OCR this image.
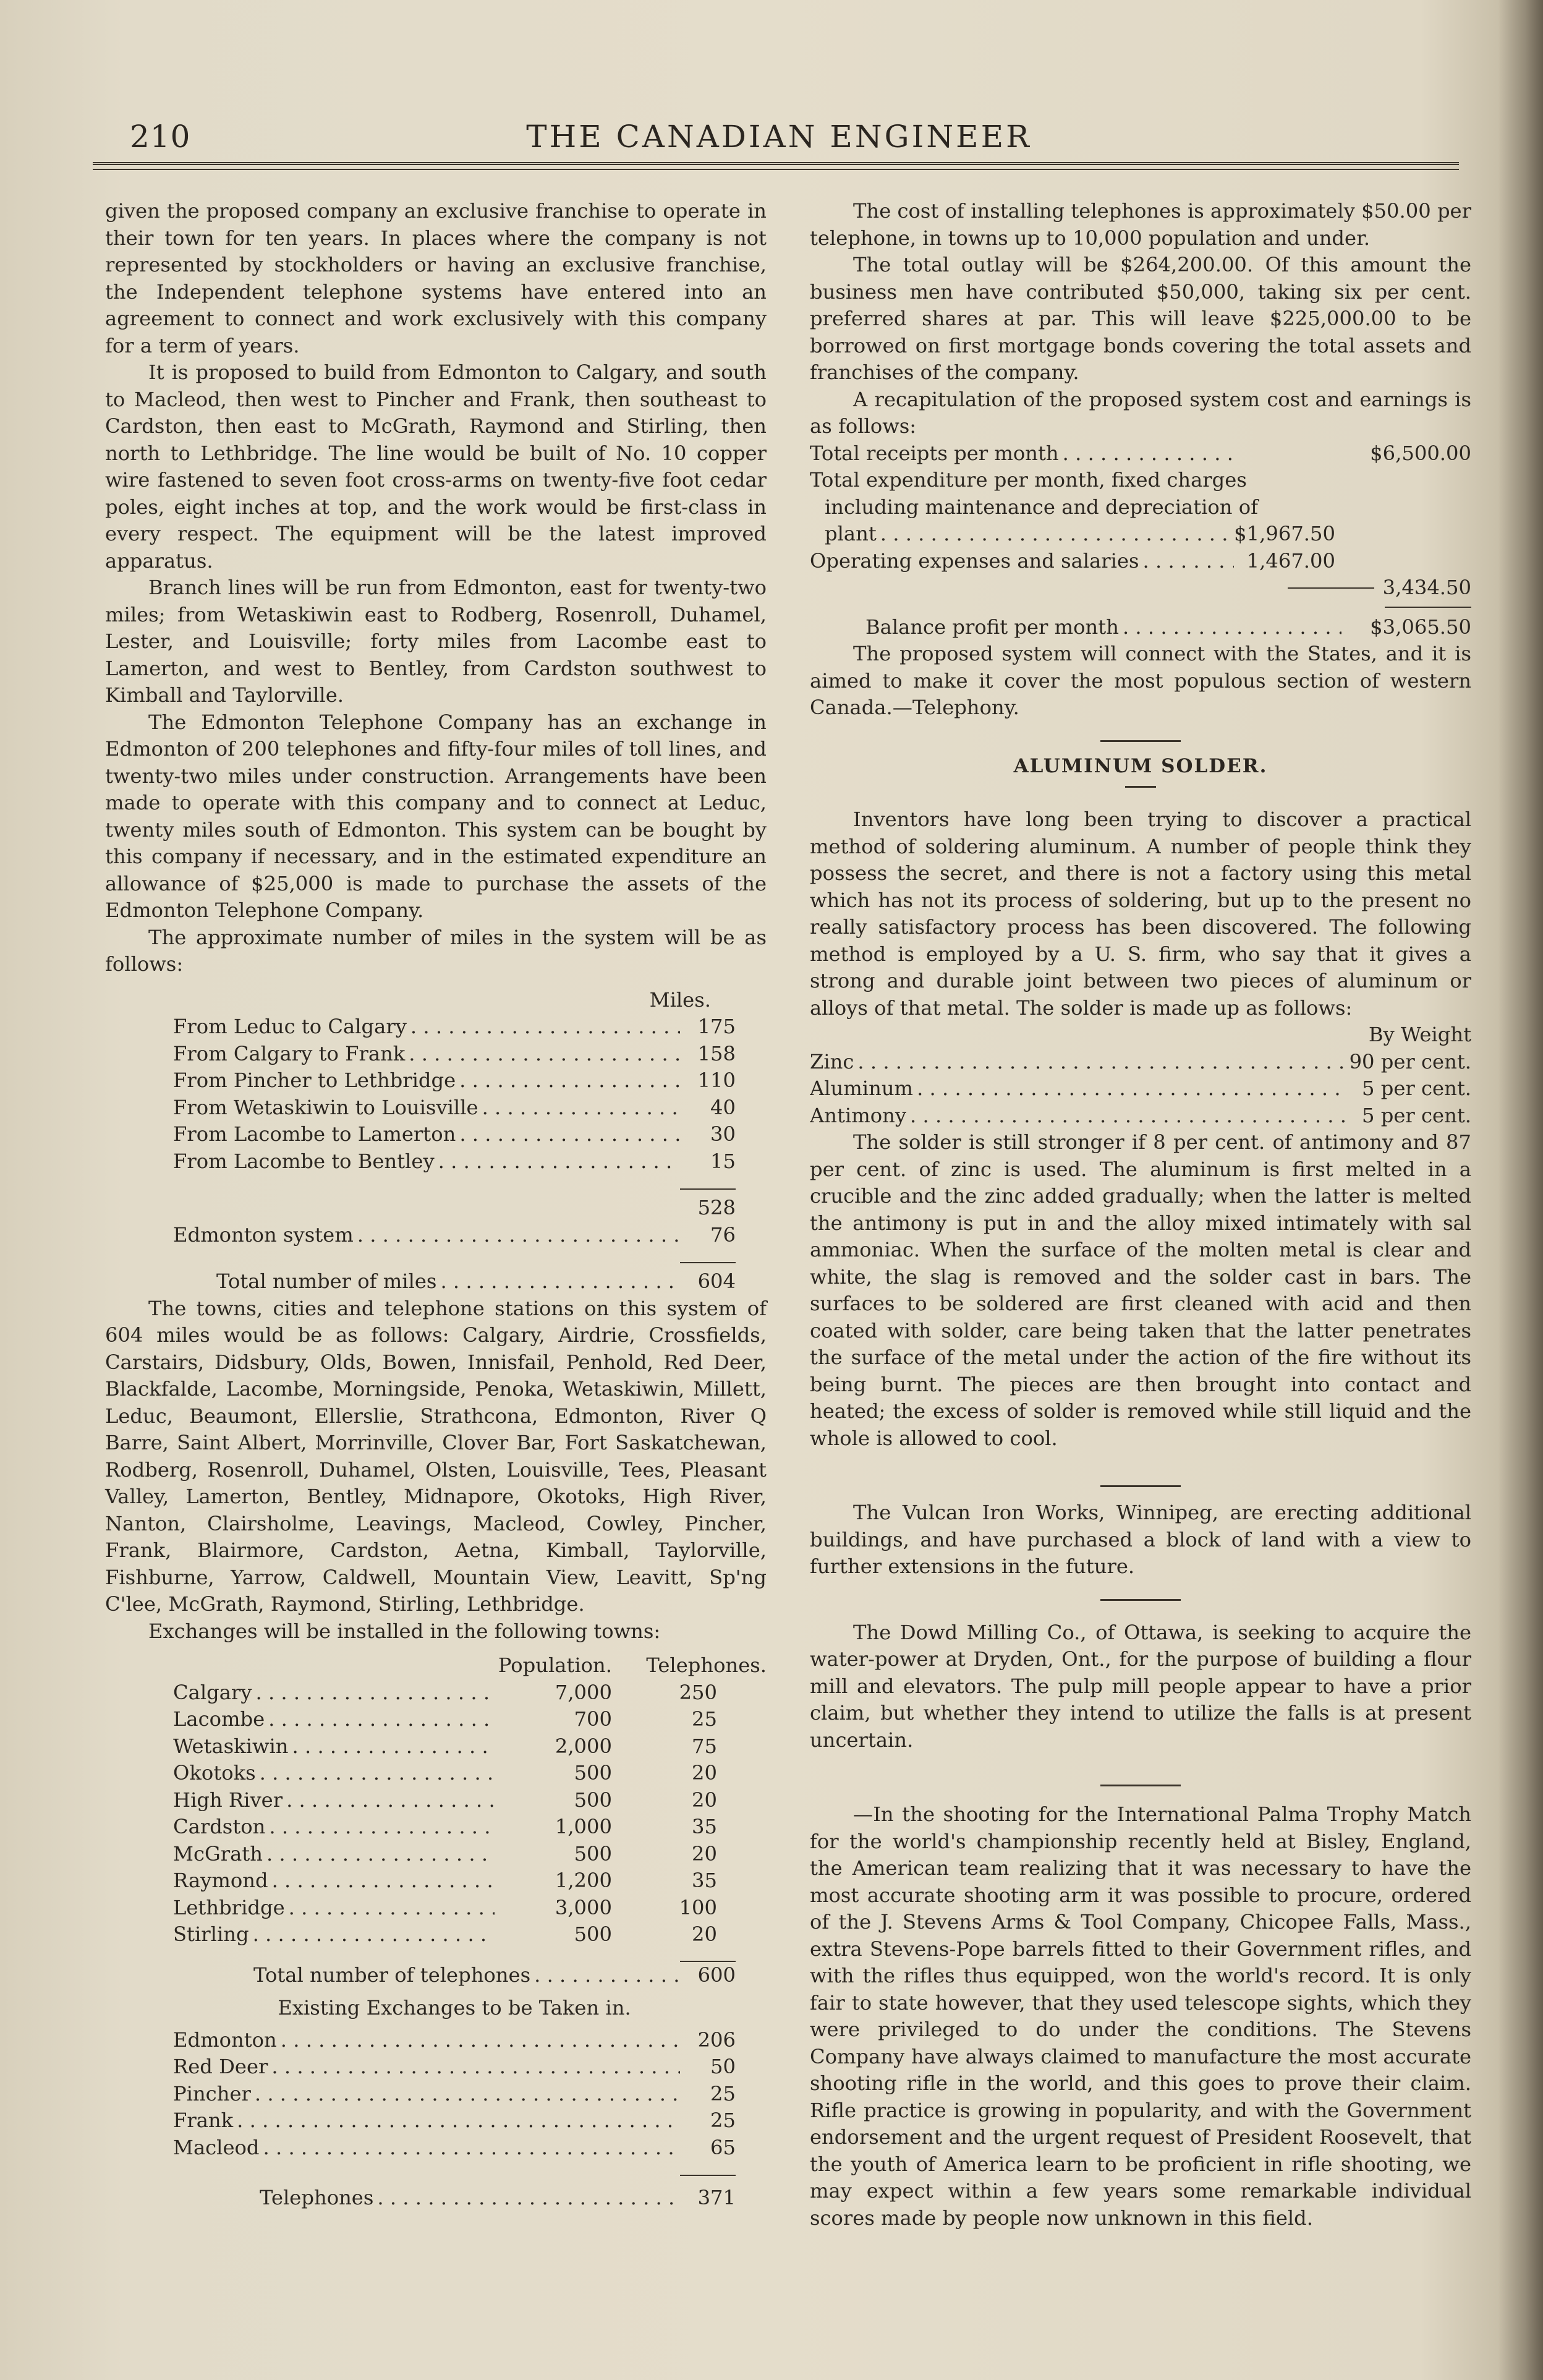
210	THE CANADIAN ENGINEER

given the proposed company an exclusive franchise to operate in their town for ten years. In places where the company is not represented by stockholders or having an exclusive franchise, the Independent telephone systems have entered into an agreement to connect and work exclusively with this company for a term of years.

It is proposed to build from Edmonton to Calgary, and south to Macleod, then west to Pincher and Frank, then southeast to Cardston, then east to McGrath, Raymond and Stirling, then north to Lethbridge. The line would be built of No. 10 copper wire fastened to seven foot cross-arms on twenty-five foot cedar poles, eight inches at top, and the work would be first-class in every respect. The equipment will be the latest improved apparatus.

Branch lines will be run from Edmonton, east for twenty-two miles; from Wetaskiwin east to Rodberg, Rosenroll, Duhamel, Lester, and Louisville; forty miles from Lacombe east to Lamerton, and west to Bentley, from Cardston southwest to Kimball and Taylorville.

The Edmonton Telephone Company has an exchange in Edmonton of 200 telephones and fifty-four miles of toll lines, and twenty-two miles under construction. Arrangements have been made to operate with this company and to connect at Leduc, twenty miles south of Edmonton. This system can be bought by this company if necessary, and in the estimated expenditure an allowance of $25,000 is made to purchase the assets of the Edmonton Telephone Company.

The approximate number of miles in the system will be as follows:

Miles.
From Leduc to Calgary . . .	175
From Calgary to Frank . . .	158
From Pincher to Lethbridge . . .	110
From Wetaskiwin to Louisville . . .	40
From Lacombe to Lamerton . . .	30
From Lacombe to Bentley . . .	15

	528
Edmonton system . . .	76

Total number of miles . . .	604

The towns, cities and telephone stations on this system of 604 miles would be as follows: Calgary, Airdrie, Crossfields, Carstairs, Didsbury, Olds, Bowen, Innisfail, Penhold, Red Deer, Blackfalde, Lacombe, Morningside, Penoka, Wetaskiwin, Millett, Leduc, Beaumont, Ellerslie, Strathcona, Edmonton, River Q Barre, Saint Albert, Morrinville, Clover Bar, Fort Saskatchewan, Rodberg, Rosenroll, Duhamel, Olsten, Louisville, Tees, Pleasant Valley, Lamerton, Bentley, Midnapore, Okotoks, High River, Nanton, Clairsholme, Leavings, Macleod, Cowley, Pincher, Frank, Blairmore, Cardston, Aetna, Kimball, Taylorville, Fishburne, Yarrow, Caldwell, Mountain View, Leavitt, Sp'ng C'lee, McGrath, Raymond, Stirling, Lethbridge.

Exchanges will be installed in the following towns:

	Population.	Telephones.
Calgary . . .	7,000	250
Lacombe . . .	700	25
Wetaskiwin . . .	2,000	75
Okotoks . . .	500	20
High River . . .	500	20
Cardston . . .	1,000	35
McGrath . . .	500	20
Raymond . . .	1,200	35
Lethbridge . . .	3,000	100
Stirling . . .	500	20

Total number of telephones . . .	600
Existing Exchanges to be Taken in.
Edmonton . . .	206
Red Deer . . .	50
Pincher . . .	25
Frank . . .	25
Macleod . . .	65

Telephones . . .	371

The cost of installing telephones is approximately $50.00 per telephone, in towns up to 10,000 population and under.

The total outlay will be $264,200.00. Of this amount the business men have contributed $50,000, taking six per cent. preferred shares at par. This will leave $225,000.00 to be borrowed on first mortgage bonds covering the total assets and franchises of the company.

A recapitulation of the proposed system cost and earnings is as follows:

Total receipts per month . . .	$6,500.00
Total expenditure per month, fixed charges	
including maintenance and depreciation of	
plant . . .	$1,967.50
Operating expenses and salaries . . .	1,467.00
3,434.50
Balance profit per month . . .	$3,065.50

The proposed system will connect with the States, and it is aimed to make it cover the most populous section of western Canada.—Telephony.

ALUMINUM SOLDER.

Inventors have long been trying to discover a practical method of soldering aluminum. A number of people think they possess the secret, and there is not a factory using this metal which has not its process of soldering, but up to the present no really satisfactory process has been discovered. The following method is employed by a U. S. firm, who say that it gives a strong and durable joint between two pieces of aluminum or alloys of that metal. The solder is made up as follows:

By Weight
Zinc . . .	90 per cent.
Aluminum . . .	5 per cent.
Antimony . . .	5 per cent.

The solder is still stronger if 8 per cent. of antimony and 87 per cent. of zinc is used. The aluminum is first melted in a crucible and the zinc added gradually; when the latter is melted the antimony is put in and the alloy mixed intimately with sal ammoniac. When the surface of the molten metal is clear and white, the slag is removed and the solder cast in bars. The surfaces to be soldered are first cleaned with acid and then coated with solder, care being taken that the latter penetrates the surface of the metal under the action of the fire without its being burnt. The pieces are then brought into contact and heated; the excess of solder is removed while still liquid and the whole is allowed to cool.

The Vulcan Iron Works, Winnipeg, are erecting additional buildings, and have purchased a block of land with a view to further extensions in the future.

The Dowd Milling Co., of Ottawa, is seeking to acquire the water-power at Dryden, Ont., for the purpose of building a flour mill and elevators. The pulp mill people appear to have a prior claim, but whether they intend to utilize the falls is at present uncertain.

—In the shooting for the International Palma Trophy Match for the world's championship recently held at Bisley, England, the American team realizing that it was necessary to have the most accurate shooting arm it was possible to procure, ordered of the J. Stevens Arms & Tool Company, Chicopee Falls, Mass., extra Stevens-Pope barrels fitted to their Government rifles, and with the rifles thus equipped, won the world's record. It is only fair to state however, that they used telescope sights, which they were privileged to do under the conditions. The Stevens Company have always claimed to manufacture the most accurate shooting rifle in the world, and this goes to prove their claim. Rifle practice is growing in popularity, and with the Government endorsement and the urgent request of President Roosevelt, that the youth of America learn to be proficient in rifle shooting, we may expect within a few years some remarkable individual scores made by people now unknown in this field.
